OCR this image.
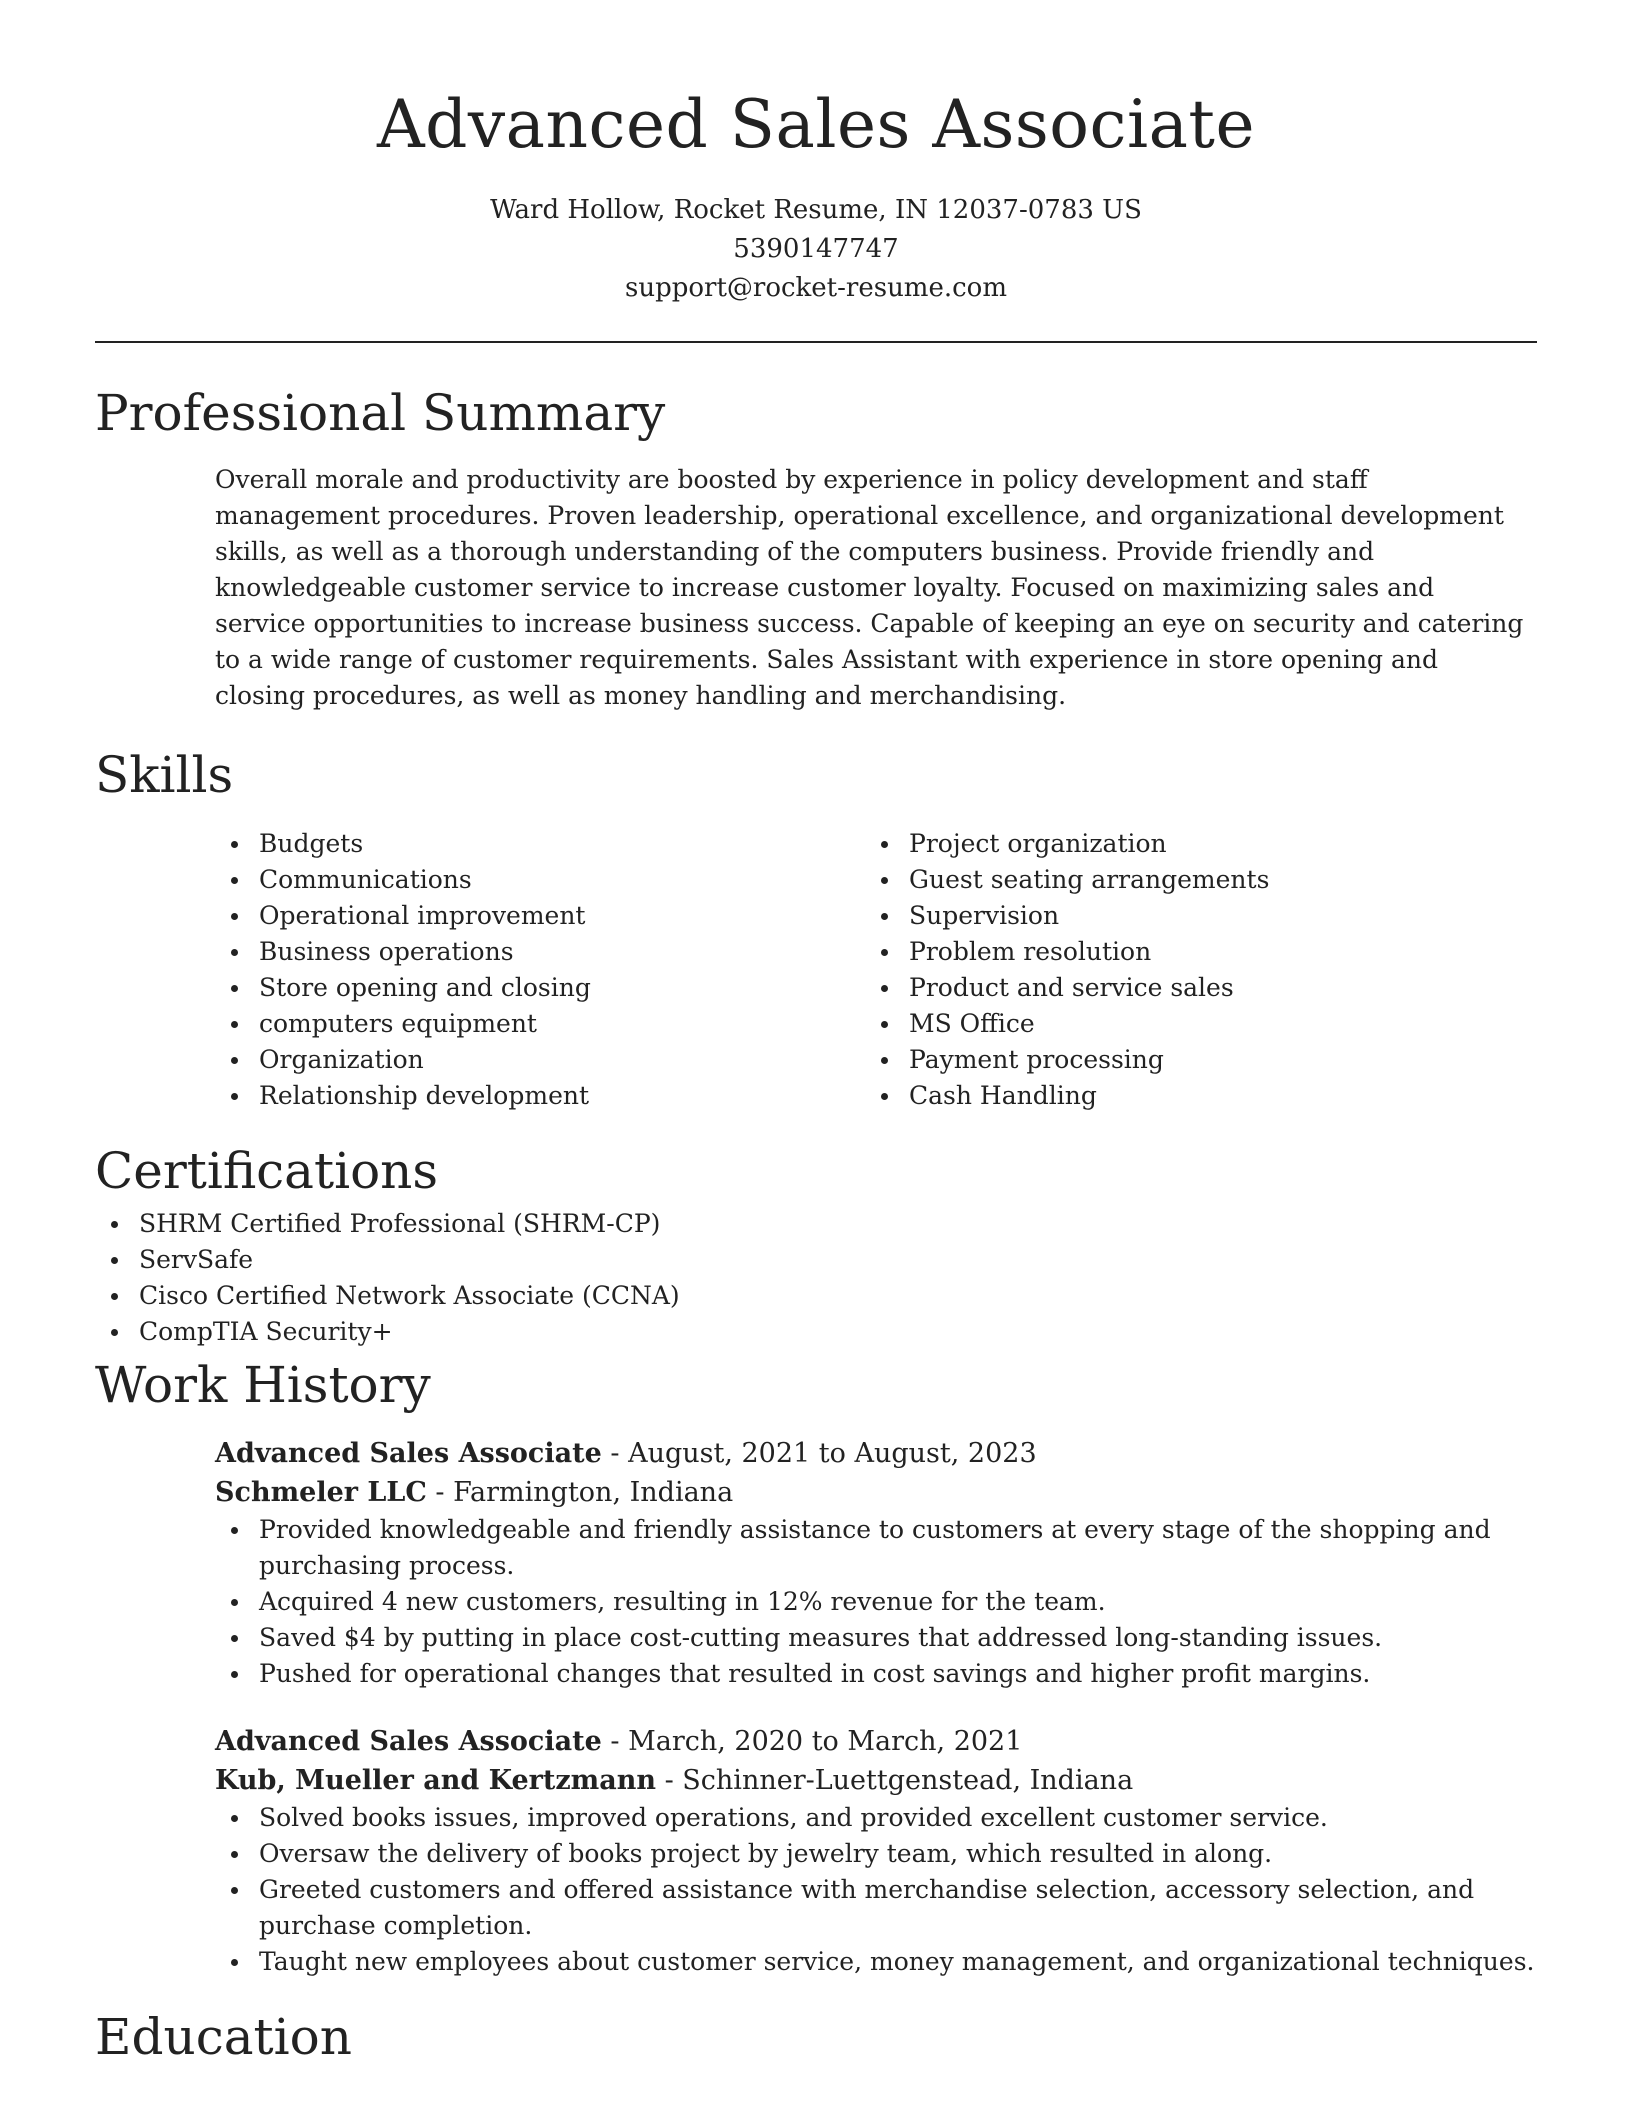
Advanced Sales Associate
Ward Hollow, Rocket Resume, IN 12037-0783 US
5390147747
support@rocket-resume.com
Professional Summary
Overall morale and productivity are boosted by experience in policy development and staff management procedures. Proven leadership, operational excellence, and organizational development skills, as well as a thorough understanding of the computers business. Provide friendly and knowledgeable customer service to increase customer loyalty. Focused on maximizing sales and service opportunities to increase business success. Capable of keeping an eye on security and catering to a wide range of customer requirements. Sales Assistant with experience in store opening and closing procedures, as well as money handling and merchandising.
Skills
Budgets
Communications
Operational improvement
Business operations
Store opening and closing
computers equipment
Organization
Relationship development
Project organization
Guest seating arrangements
Supervision
Problem resolution
Product and service sales
MS Office
Payment processing
Cash Handling
Certifications
SHRM Certified Professional (SHRM-CP)
ServSafe
Cisco Certified Network Associate (CCNA)
CompTIA Security+
Work History
Advanced Sales Associate - August, 2021 to August, 2023
Schmeler LLC - Farmington, Indiana
Provided knowledgeable and friendly assistance to customers at every stage of the shopping and purchasing process.
Acquired 4 new customers, resulting in 12% revenue for the team.
Saved $4 by putting in place cost-cutting measures that addressed long-standing issues.
Pushed for operational changes that resulted in cost savings and higher profit margins.
Advanced Sales Associate - March, 2020 to March, 2021
Kub, Mueller and Kertzmann - Schinner-Luettgenstead, Indiana
Solved books issues, improved operations, and provided excellent customer service.
Oversaw the delivery of books project by jewelry team, which resulted in along.
Greeted customers and offered assistance with merchandise selection, accessory selection, and purchase completion.
Taught new employees about customer service, money management, and organizational techniques.
Education
